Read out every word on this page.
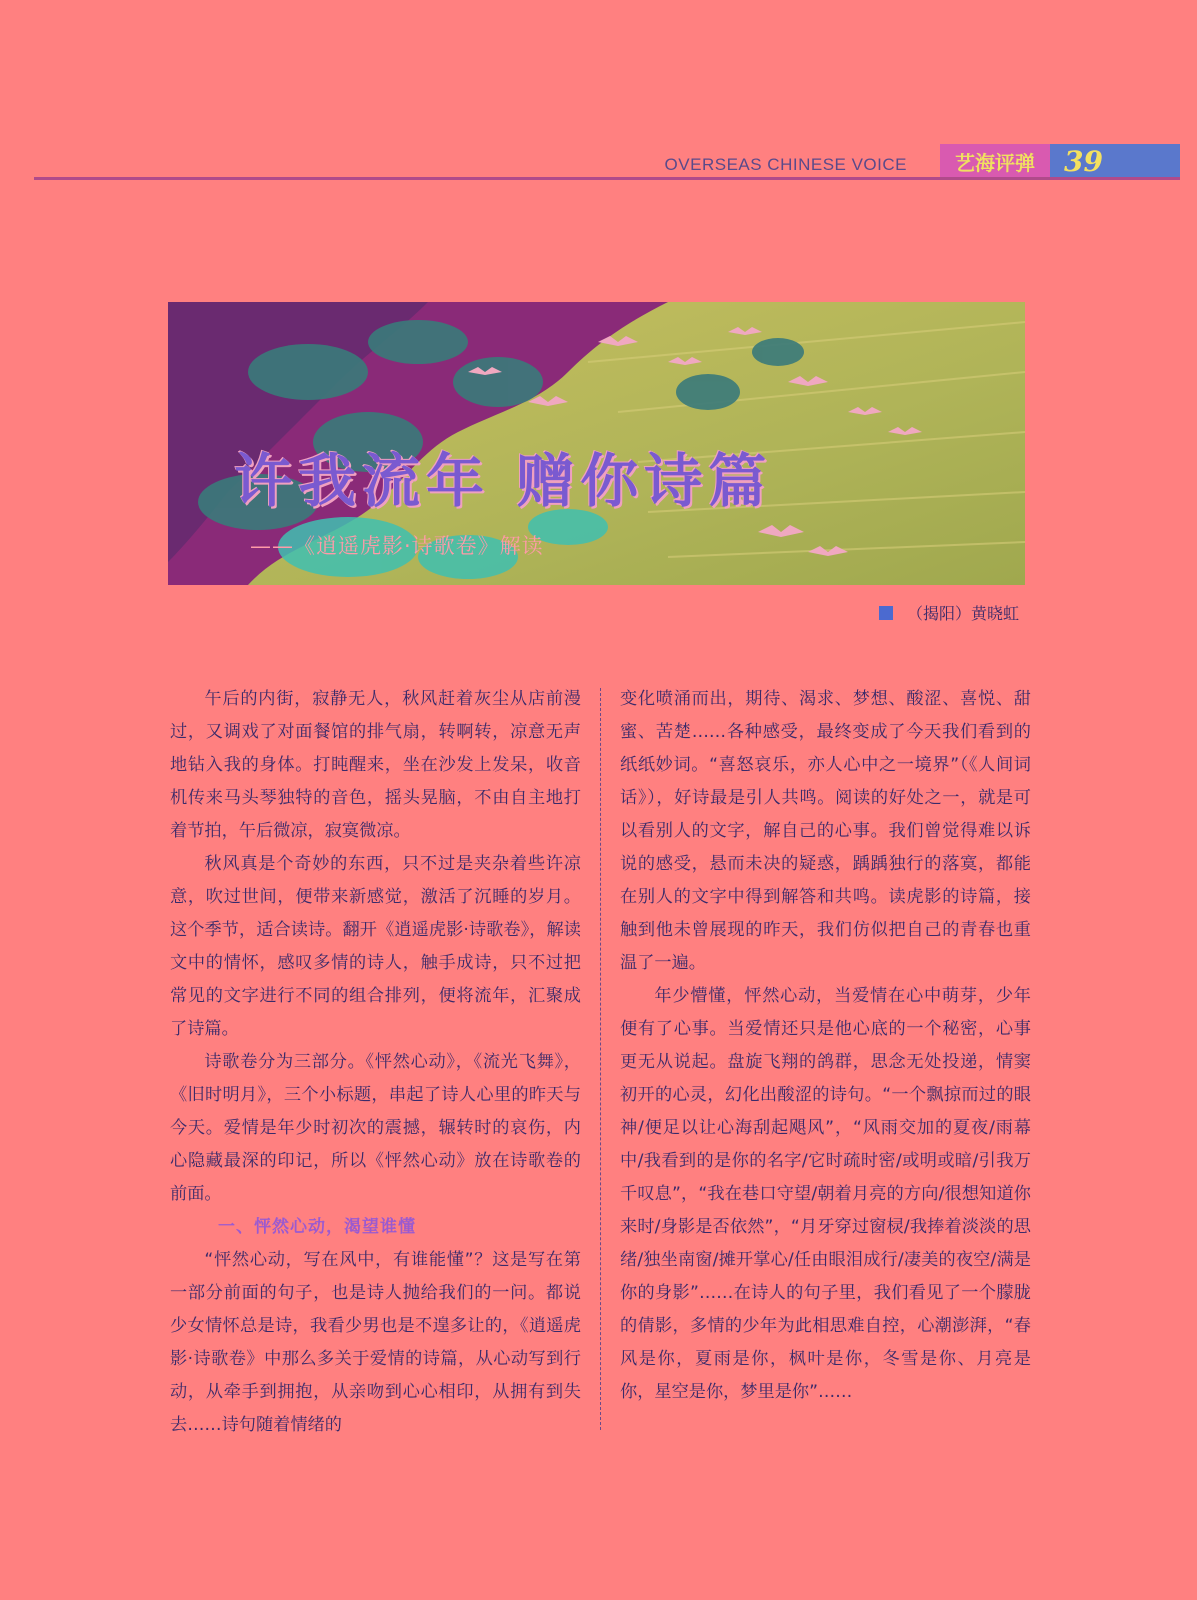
OVERSEAS CHINESE VOICE	艺海评弹	39
许我流年 赠你诗篇
——《逍遥虎影·诗歌卷》解读
（揭阳）黄晓虹

午后的内街，寂静无人，秋风赶着灰尘从店前漫过，又调戏了对面餐馆的排气扇，转啊转，凉意无声地钻入我的身体。打盹醒来，坐在沙发上发呆，收音机传来马头琴独特的音色，摇头晃脑，不由自主地打着节拍，午后微凉，寂寞微凉。

秋风真是个奇妙的东西，只不过是夹杂着些许凉意，吹过世间，便带来新感觉，激活了沉睡的岁月。这个季节，适合读诗。翻开《逍遥虎影·诗歌卷》，解读文中的情怀，感叹多情的诗人，触手成诗，只不过把常见的文字进行不同的组合排列，便将流年，汇聚成了诗篇。

诗歌卷分为三部分。《怦然心动》，《流光飞舞》，《旧时明月》，三个小标题，串起了诗人心里的昨天与今天。爱情是年少时初次的震撼，辗转时的哀伤，内心隐藏最深的印记，所以《怦然心动》放在诗歌卷的前面。

一、怦然心动，渴望谁懂

“怦然心动，写在风中，有谁能懂”？这是写在第一部分前面的句子，也是诗人抛给我们的一问。都说少女情怀总是诗，我看少男也是不遑多让的，《逍遥虎影·诗歌卷》中那么多关于爱情的诗篇，从心动写到行动，从牵手到拥抱，从亲吻到心心相印，从拥有到失去……诗句随着情绪的

变化喷涌而出，期待、渴求、梦想、酸涩、喜悦、甜蜜、苦楚……各种感受，最终变成了今天我们看到的纸纸妙词。“喜怒哀乐，亦人心中之一境界”（《人间词话》），好诗最是引人共鸣。阅读的好处之一，就是可以看别人的文字，解自己的心事。我们曾觉得难以诉说的感受，悬而未决的疑惑，踽踽独行的落寞，都能在别人的文字中得到解答和共鸣。读虎影的诗篇，接触到他未曾展现的昨天，我们仿似把自己的青春也重温了一遍。

年少懵懂，怦然心动，当爱情在心中萌芽，少年便有了心事。当爱情还只是他心底的一个秘密，心事更无从说起。盘旋飞翔的鸽群，思念无处投递，情窦初开的心灵，幻化出酸涩的诗句。“一个飘掠而过的眼神/便足以让心海刮起飓风”，“风雨交加的夏夜/雨幕中/我看到的是你的名字/它时疏时密/或明或暗/引我万千叹息”，“我在巷口守望/朝着月亮的方向/很想知道你来时/身影是否依然”，“月牙穿过窗棂/我捧着淡淡的思绪/独坐南窗/摊开掌心/任由眼泪成行/凄美的夜空/满是你的身影”……在诗人的句子里，我们看见了一个朦胧的倩影，多情的少年为此相思难自控，心潮澎湃，“春风是你，夏雨是你，枫叶是你，冬雪是你、月亮是你，星空是你，梦里是你”……
